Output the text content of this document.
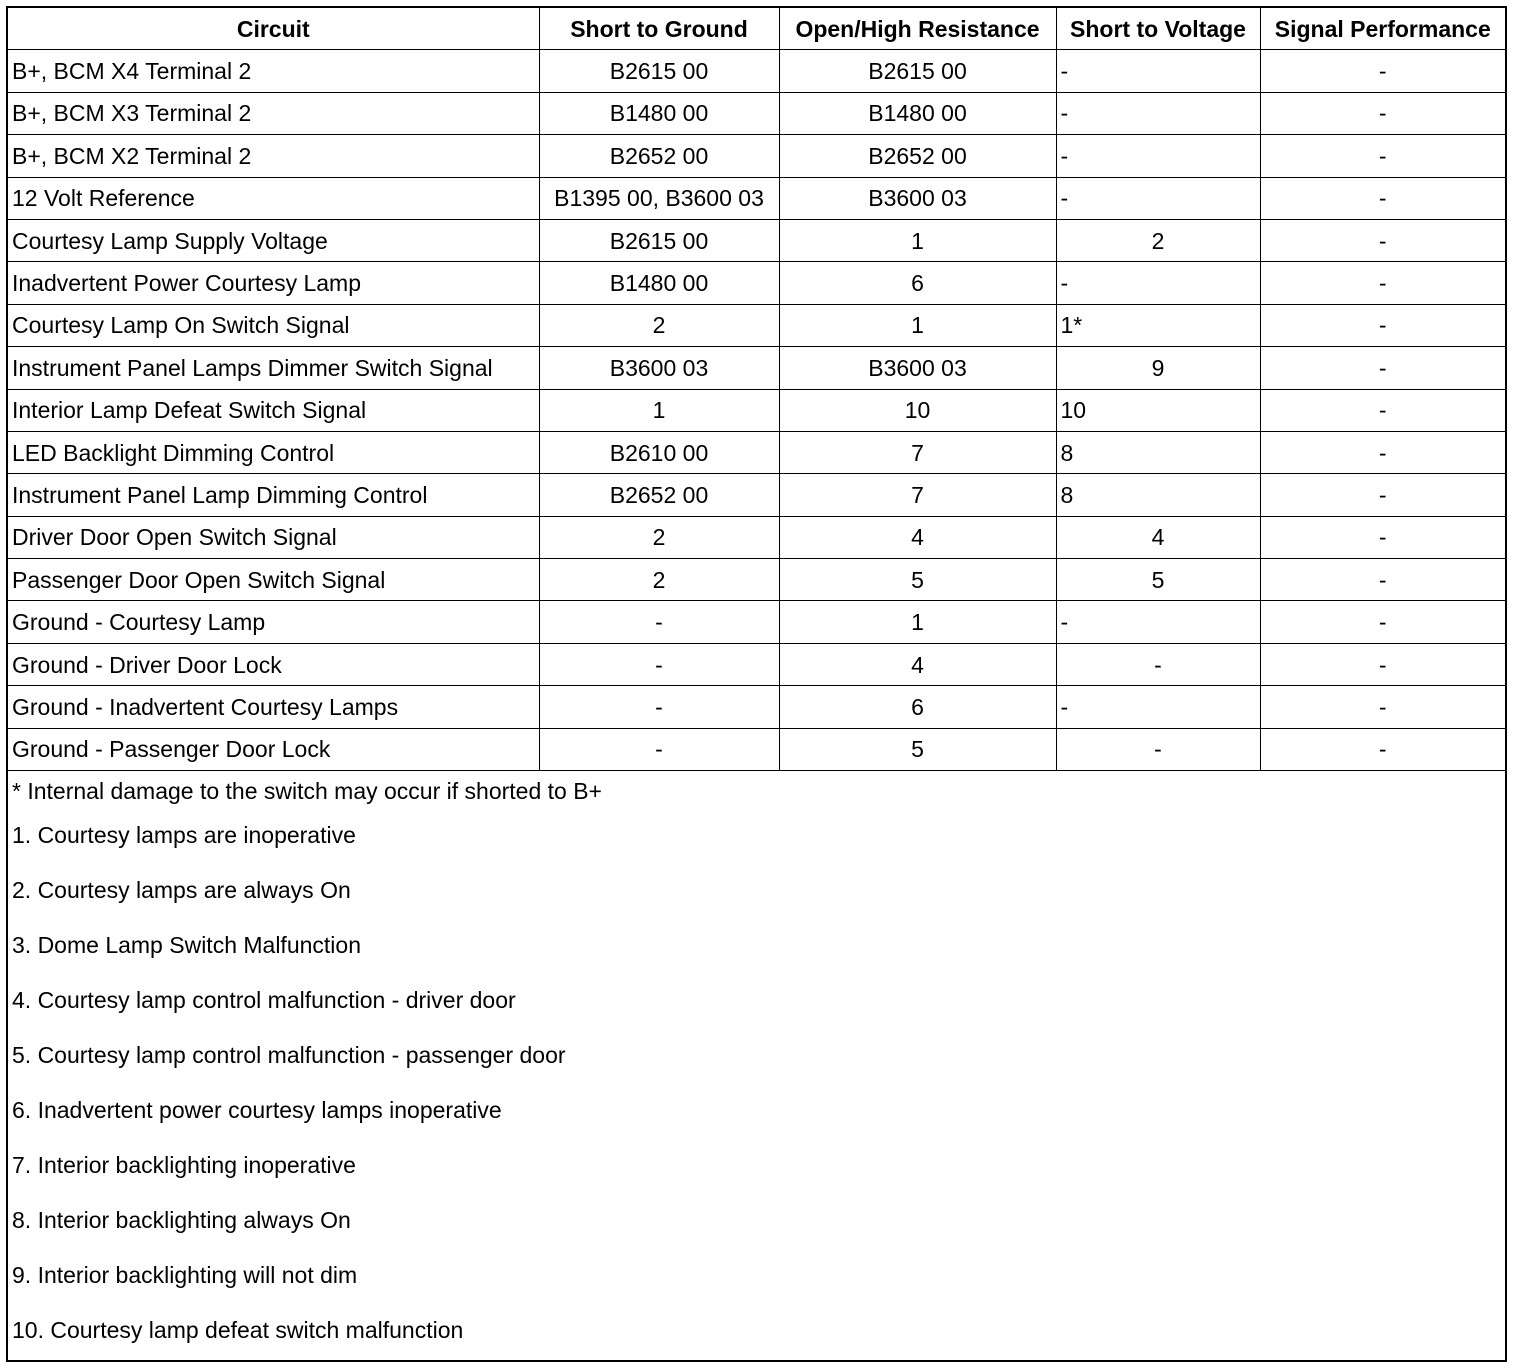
Circuit	Short to Ground	Open/High Resistance	Short to Voltage	Signal Performance
B+, BCM X4 Terminal 2	B2615 00	B2615 00	-	-
B+, BCM X3 Terminal 2	B1480 00	B1480 00	-	-
B+, BCM X2 Terminal 2	B2652 00	B2652 00	-	-
12 Volt Reference	B1395 00, B3600 03	B3600 03	-	-
Courtesy Lamp Supply Voltage	B2615 00	1	2	-
Inadvertent Power Courtesy Lamp	B1480 00	6	-	-
Courtesy Lamp On Switch Signal	2	1	1*	-
Instrument Panel Lamps Dimmer Switch Signal	B3600 03	B3600 03	9	-
Interior Lamp Defeat Switch Signal	1	10	10	-
LED Backlight Dimming Control	B2610 00	7	8	-
Instrument Panel Lamp Dimming Control	B2652 00	7	8	-
Driver Door Open Switch Signal	2	4	4	-
Passenger Door Open Switch Signal	2	5	5	-
Ground - Courtesy Lamp	-	1	-	-
Ground - Driver Door Lock	-	4	-	-
Ground - Inadvertent Courtesy Lamps	-	6	-	-
Ground - Passenger Door Lock	-	5	-	-
* Internal damage to the switch may occur if shorted to B+
1. Courtesy lamps are inoperative
2. Courtesy lamps are always On
3. Dome Lamp Switch Malfunction
4. Courtesy lamp control malfunction - driver door
5. Courtesy lamp control malfunction - passenger door
6. Inadvertent power courtesy lamps inoperative
7. Interior backlighting inoperative
8. Interior backlighting always On
9. Interior backlighting will not dim
10. Courtesy lamp defeat switch malfunction
